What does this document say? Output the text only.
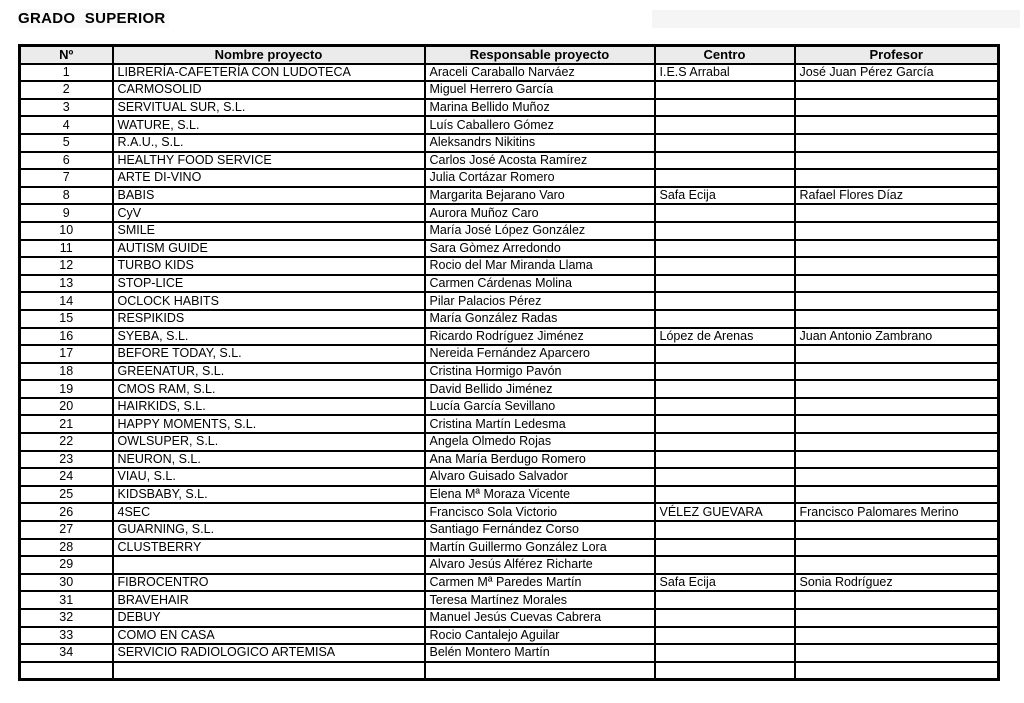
GRADO SUPERIOR
Nº	Nombre proyecto	Responsable proyecto	Centro	Profesor
1	LIBRERÍA-CAFETERÍA CON LUDOTECA	Araceli Caraballo Narváez	I.E.S Arrabal	José Juan Pérez García
2	CARMOSOLID	Miguel Herrero García		
3	SERVITUAL SUR, S.L.	Marina Bellido Muñoz		
4	WATURE, S.L.	Luís Caballero Gómez		
5	R.A.U., S.L.	Aleksandrs Nikitins		
6	HEALTHY FOOD SERVICE	Carlos José Acosta Ramírez		
7	ARTE DI-VINO	Julia Cortázar Romero		
8	BABIS	Margarita Bejarano Varo	Safa Ecija	Rafael Flores Díaz
9	CyV	Aurora Muñoz Caro		
10	SMILE	María José López González		
11	AUTISM GUIDE	Sara Gòmez Arredondo		
12	TURBO KIDS	Rocio del Mar Miranda Llama		
13	STOP-LICE	Carmen Cárdenas Molina		
14	OCLOCK HABITS	Pilar Palacios Pérez		
15	RESPIKIDS	María González Radas		
16	SYEBA, S.L.	Ricardo Rodríguez Jiménez	López de Arenas	Juan Antonio Zambrano
17	BEFORE TODAY, S.L.	Nereida Fernández Aparcero		
18	GREENATUR, S.L.	Cristina Hormigo Pavón		
19	CMOS RAM, S.L.	David Bellido Jiménez		
20	HAIRKIDS, S.L.	Lucía García Sevillano		
21	HAPPY MOMENTS, S.L.	Cristina Martín Ledesma		
22	OWLSUPER, S.L.	Angela Olmedo Rojas		
23	NEURON, S.L.	Ana María Berdugo Romero		
24	VIAU, S.L.	Alvaro Guisado Salvador		
25	KIDSBABY, S.L.	Elena Mª Moraza Vicente		
26	4SEC	Francisco Sola Victorio	VÉLEZ GUEVARA	Francisco Palomares Merino
27	GUARNING, S.L.	Santiago Fernández Corso		
28	CLUSTBERRY	Martín Guillermo González Lora		
29		Alvaro Jesús Alférez Richarte		
30	FIBROCENTRO	Carmen Mª Paredes Martín	Safa Ecija	Sonia Rodríguez
31	BRAVEHAIR	Teresa Martínez Morales		
32	DEBUY	Manuel Jesús Cuevas Cabrera		
33	COMO EN CASA	Rocio Cantalejo Aguilar		
34	SERVICIO RADIOLOGICO ARTEMISA	Belén Montero Martín		
